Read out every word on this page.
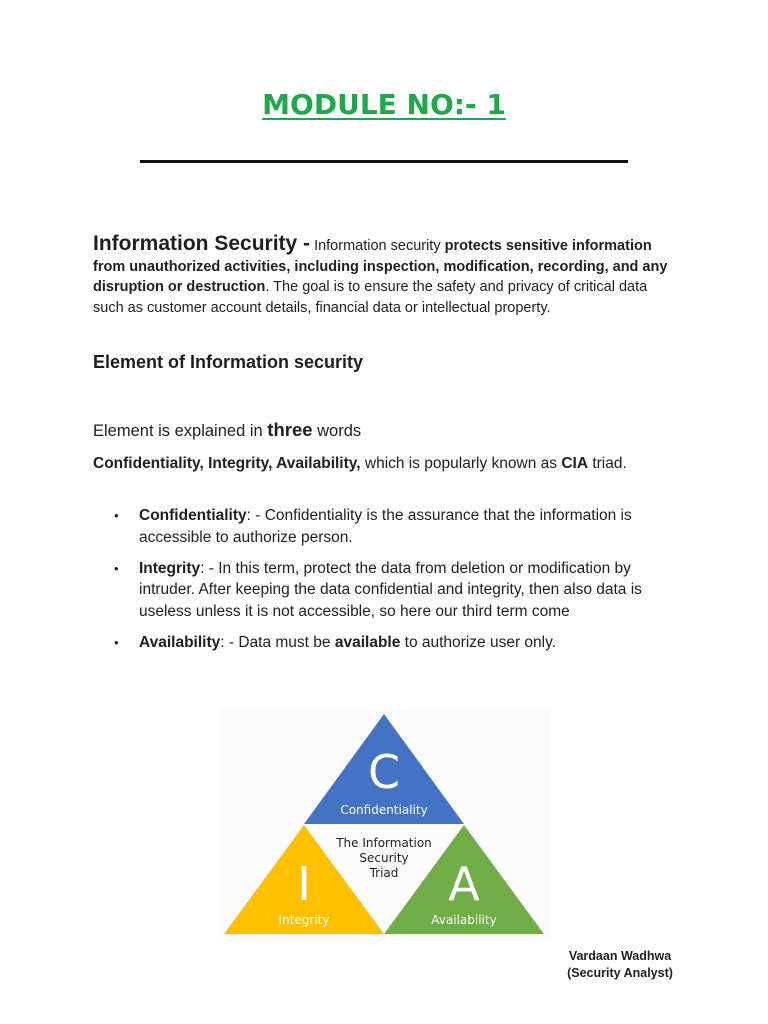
MODULE NO:- 1
Information Security - Information security protects sensitive information from unauthorized activities, including inspection, modification, recording, and any disruption or destruction. The goal is to ensure the safety and privacy of critical data such as customer account details, financial data or intellectual property.
Element of Information security
Element is explained in three words
Confidentiality, Integrity, Availability, which is popularly known as CIA triad.
• Confidentiality: - Confidentiality is the assurance that the information is accessible to authorize person.
• Integrity: - In this term, protect the data from deletion or modification by intruder. After keeping the data confidential and integrity, then also data is useless unless it is not accessible, so here our third term come
• Availability: - Data must be available to authorize user only.
C
Confidentiality
I
Integrity
A
Availability
The Information
Security
Triad
Vardaan Wadhwa
(Security Analyst)
